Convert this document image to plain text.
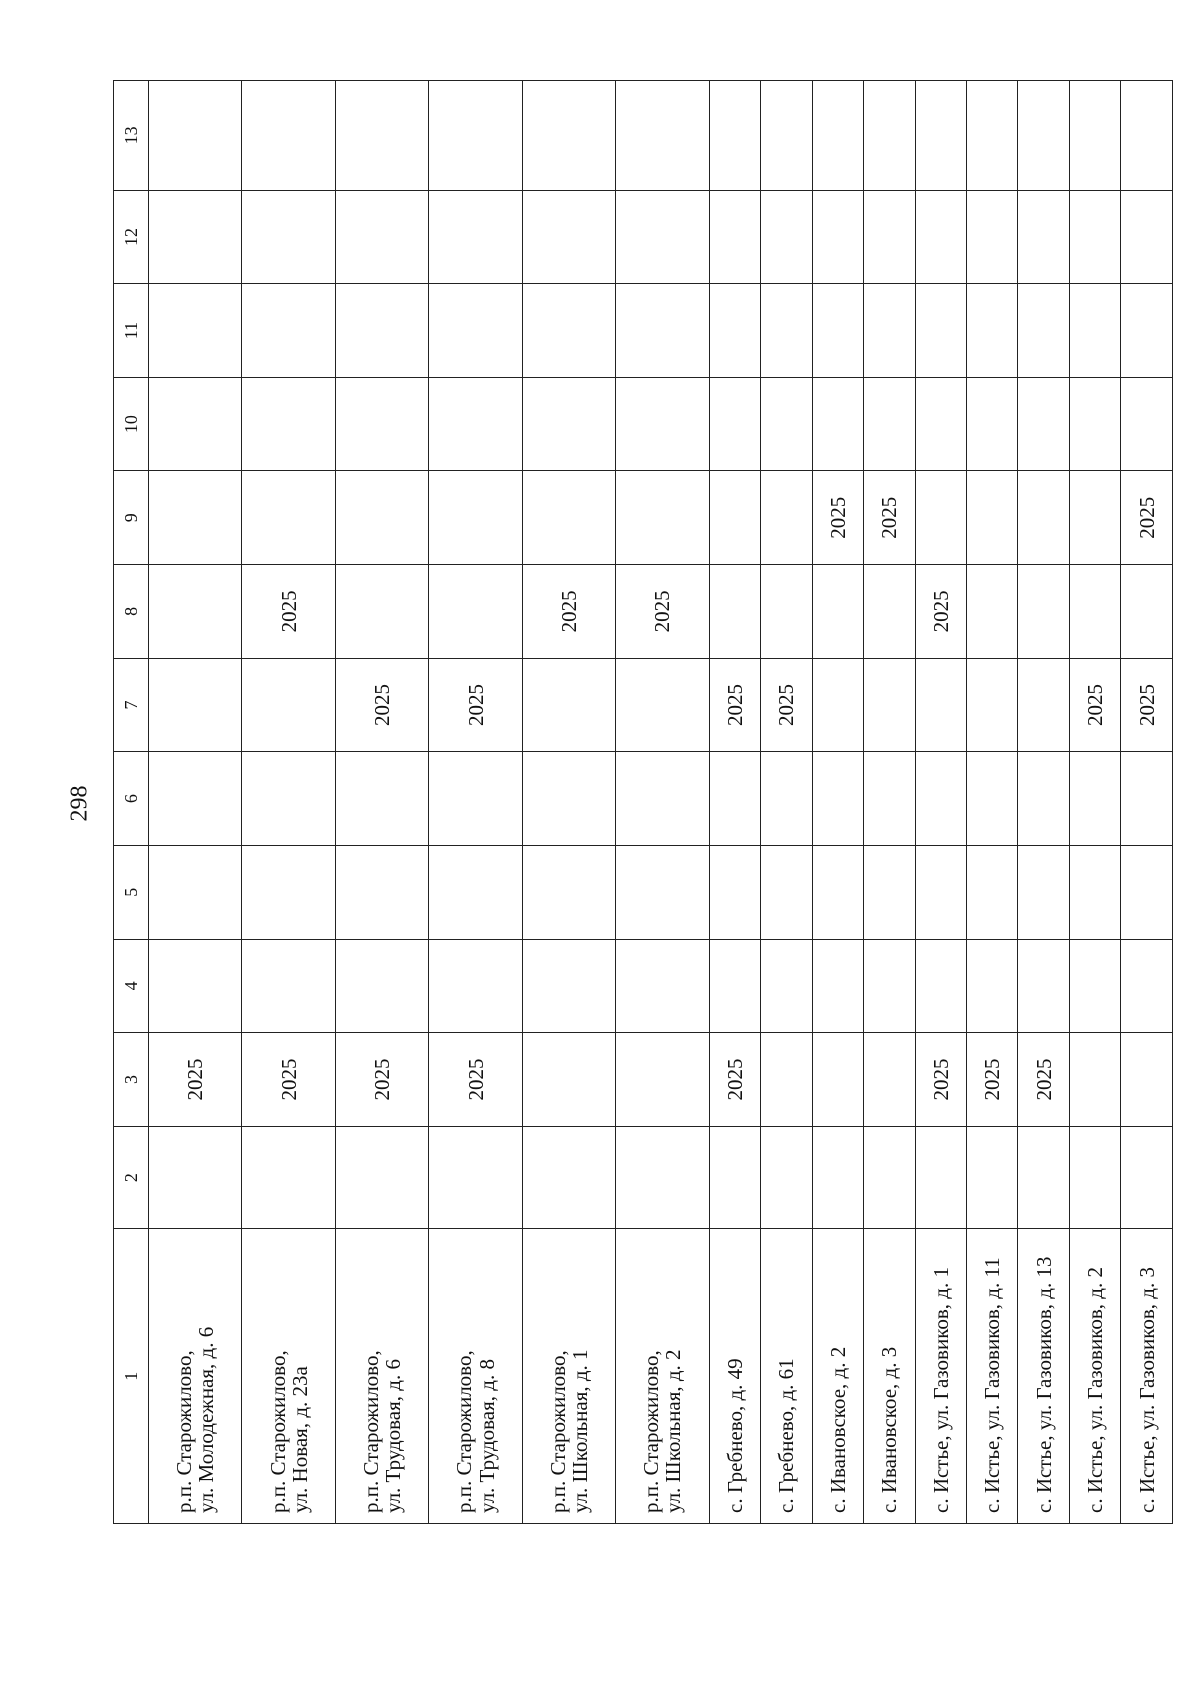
298
1	2	3	4	5	6	7	8	9	10	11	12	13

р.п. Старожилово,
ул. Молодежная, д. 6		2025										

р.п. Старожилово,
ул. Новая, д. 23а		2025					2025					

р.п. Старожилово,
ул. Трудовая, д. 6		2025				2025						

р.п. Старожилово,
ул. Трудовая, д. 8		2025				2025						

р.п. Старожилово,
ул. Школьная, д. 1							2025					

р.п. Старожилово,
ул. Школьная, д. 2							2025					

с. Гребнево, д. 49		2025				2025						

с. Гребнево, д. 61						2025						

с. Ивановское, д. 2								2025				

с. Ивановское, д. 3								2025				

с. Истье, ул. Газовиков, д. 1		2025					2025					

с. Истье, ул. Газовиков, д. 11		2025										

с. Истье, ул. Газовиков, д. 13		2025										

с. Истье, ул. Газовиков, д. 2						2025						

с. Истье, ул. Газовиков, д. 3						2025		2025				
